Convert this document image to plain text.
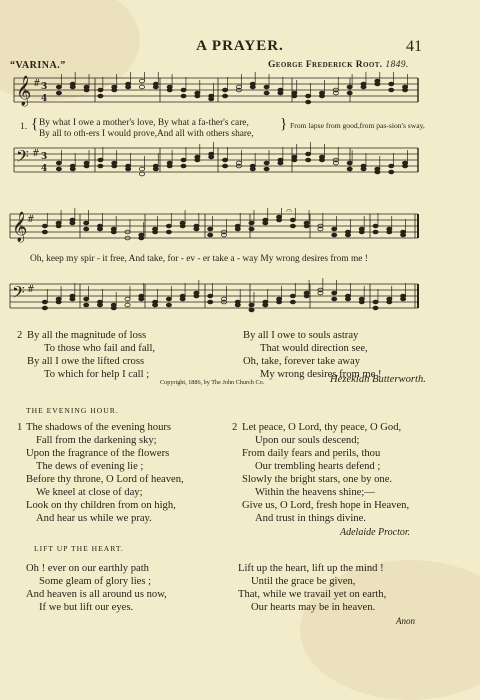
A PRAYER.	41
“VARINA.”	George Frederick Root. 1849.
𝄞 # 3
4
1. { By what I owe a mother's love, By what a fa-ther's care,
By all to oth-ers I would prove,And all with others share,
} From lapse from good,from pas-sion's sway,
𝄢 # 3
4
𝄞 #
𝄐
Oh, keep my spir - it free, And take, for - ev - er take a - way My wrong desires from me !
𝄢 #
2 By all the magnitude of loss
To those who fail and fall,
By all I owe the lifted cross
To which for help I call ;
By all I owe to souls astray
That would direction see,
Oh, take, forever take away
My wrong desires from me !
Hezekiah Butterworth.
Copyright, 1886, by The John Church Co.
THE EVENING HOUR.
1 The shadows of the evening hours
Fall from the darkening sky;
Upon the fragrance of the flowers
The dews of evening lie ;
Before thy throne, O Lord of heaven,
We kneel at close of day;
Look on thy children from on high,
And hear us while we pray.
2 Let peace, O Lord, thy peace, O God,
Upon our souls descend;
From daily fears and perils, thou
Our trembling hearts defend ;
Slowly the bright stars, one by one.
Within the heavens shine;—
Give us, O Lord, fresh hope in Heaven,
And trust in things divine.
Adelaide Proctor.
LIFT UP THE HEART.
Oh ! ever on our earthly path
Some gleam of glory lies ;
And heaven is all around us now,
If we but lift our eyes.
Lift up the heart, lift up the mind !
Until the grace be given,
That, while we travail yet on earth,
Our hearts may be in heaven.
Anon
